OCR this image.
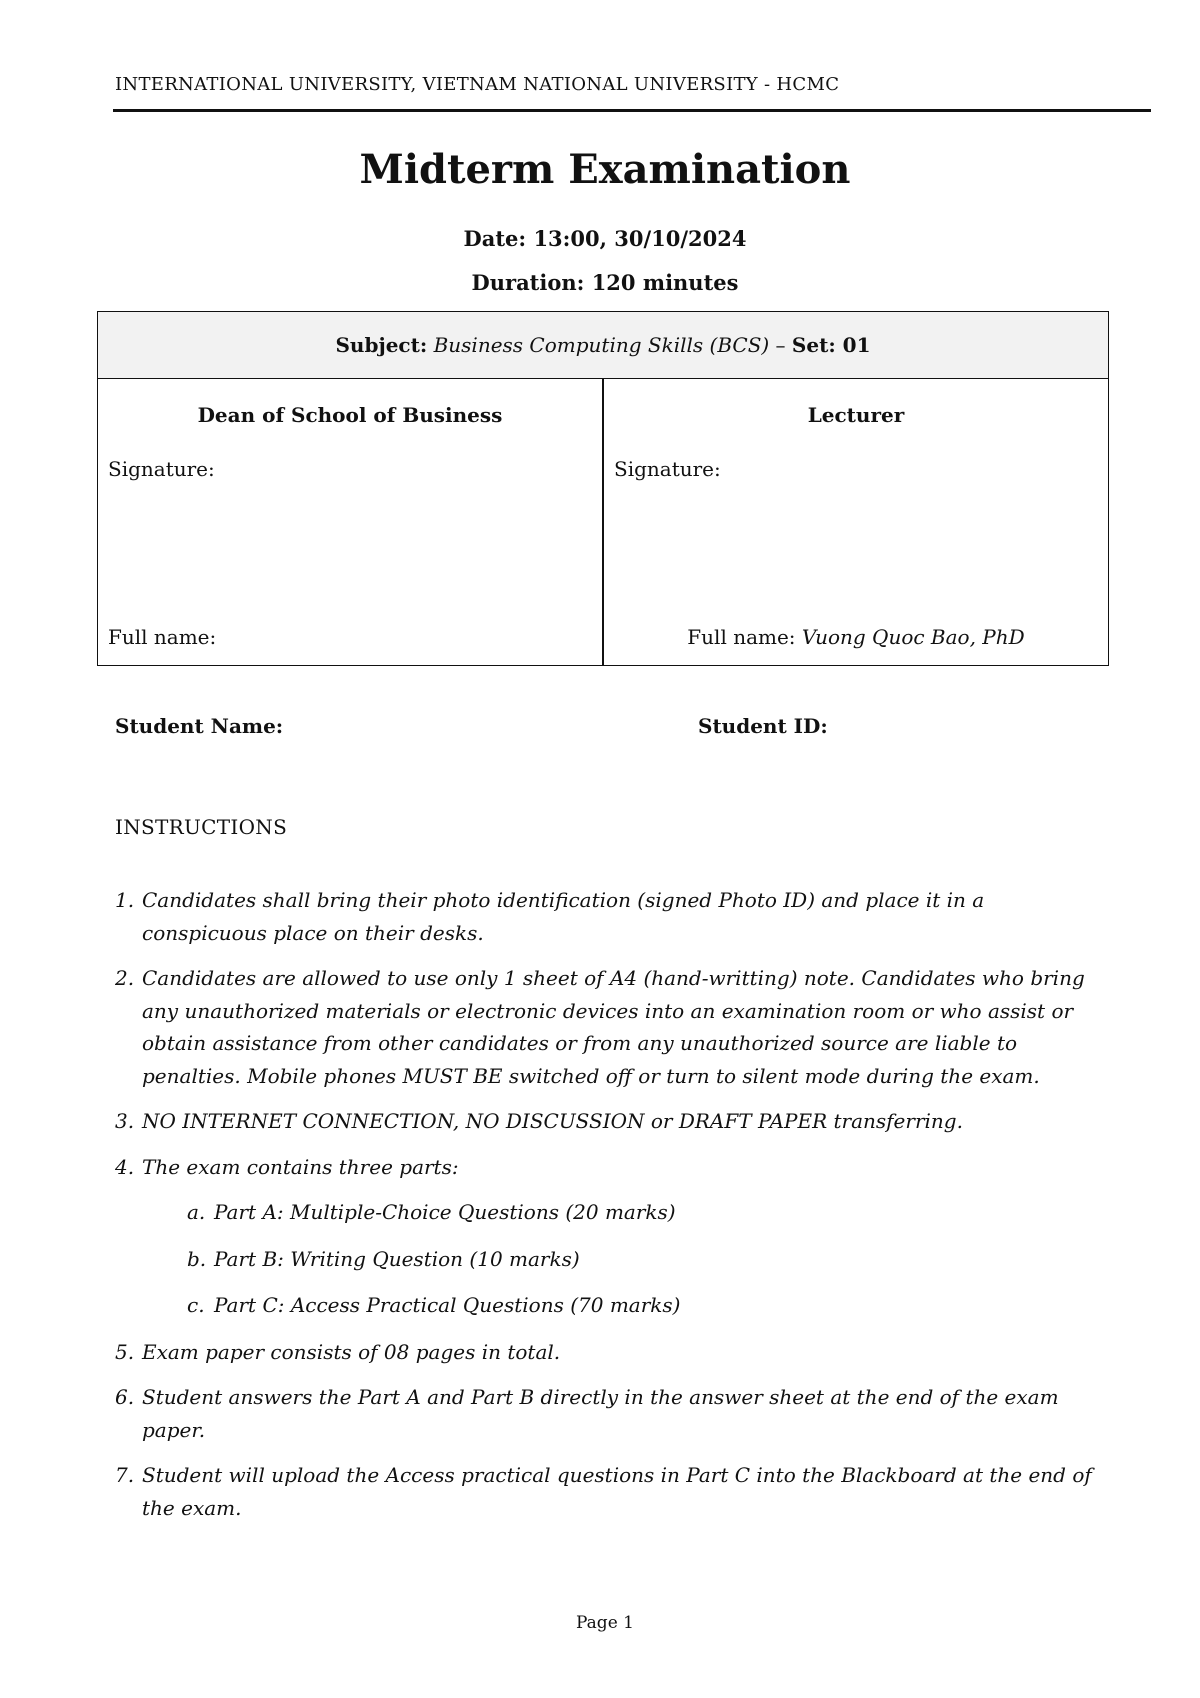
INTERNATIONAL UNIVERSITY, VIETNAM NATIONAL UNIVERSITY - HCMC
Midterm Examination
Date: 13:00, 30/10/2024
Duration: 120 minutes
Subject: Business Computing Skills (BCS) – Set: 01
Dean of School of Business
Signature:
Full name:
Lecturer
Signature:
Full name: Vuong Quoc Bao, PhD
Student Name:	Student ID:
INSTRUCTIONS
1. Candidates shall bring their photo identification (signed Photo ID) and place it in a conspicuous place on their desks.
2. Candidates are allowed to use only 1 sheet of A4 (hand-writting) note. Candidates who bring any unauthorized materials or electronic devices into an examination room or who assist or obtain assistance from other candidates or from any unauthorized source are liable to penalties. Mobile phones MUST BE switched off or turn to silent mode during the exam.
3. NO INTERNET CONNECTION, NO DISCUSSION or DRAFT PAPER transferring.
4. The exam contains three parts:
a. Part A: Multiple-Choice Questions (20 marks)
b. Part B: Writing Question (10 marks)
c. Part C: Access Practical Questions (70 marks)
5. Exam paper consists of 08 pages in total.
6. Student answers the Part A and Part B directly in the answer sheet at the end of the exam paper.
7. Student will upload the Access practical questions in Part C into the Blackboard at the end of the exam.
Page 1
